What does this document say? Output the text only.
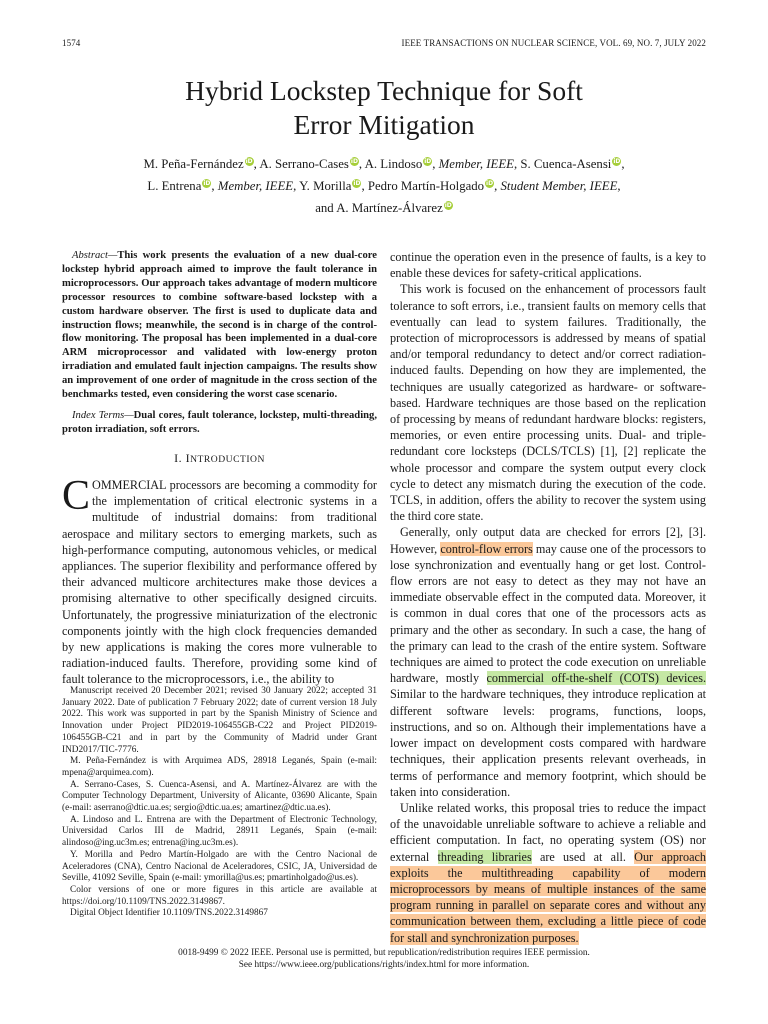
1574	IEEE TRANSACTIONS ON NUCLEAR SCIENCE, VOL. 69, NO. 7, JULY 2022
Hybrid Lockstep Technique for Soft
Error Mitigation
M. Peña-Fernández iD, A. Serrano-Cases iD, A. Lindoso iD, Member, IEEE, S. Cuenca-Asensi iD,
L. Entrena iD, Member, IEEE, Y. Morilla iD, Pedro Martín-Holgado iD, Student Member, IEEE,
and A. Martínez-Álvarez iD

Abstract—This work presents the evaluation of a new dual-core lockstep hybrid approach aimed to improve the fault tolerance in microprocessors. Our approach takes advantage of modern multicore processor resources to combine software-based lockstep with a custom hardware observer. The first is used to duplicate data and instruction flows; meanwhile, the second is in charge of the control-flow monitoring. The proposal has been implemented in a dual-core ARM microprocessor and validated with low-energy proton irradiation and emulated fault injection campaigns. The results show an improvement of one order of magnitude in the cross section of the benchmarks tested, even considering the worst case scenario.

Index Terms—Dual cores, fault tolerance, lockstep, multi-threading, proton irradiation, soft errors.

I. INTRODUCTION

COMMERCIAL processors are becoming a commodity for the implementation of critical electronic systems in a multitude of industrial domains: from traditional aerospace and military sectors to emerging markets, such as high-performance computing, autonomous vehicles, or medical appliances. The superior flexibility and performance offered by their advanced multicore architectures make those devices a promising alternative to other specifically designed circuits. Unfortunately, the progressive miniaturization of the electronic components jointly with the high clock frequencies demanded by new applications is making the cores more vulnerable to radiation-induced faults. Therefore, providing some kind of fault tolerance to the microprocessors, i.e., the ability to

Manuscript received 20 December 2021; revised 30 January 2022; accepted 31 January 2022. Date of publication 7 February 2022; date of current version 18 July 2022. This work was supported in part by the Spanish Ministry of Science and Innovation under Project PID2019-106455GB-C22 and Project PID2019-106455GB-C21 and in part by the Community of Madrid under Grant IND2017/TIC-7776.

M. Peña-Fernández is with Arquimea ADS, 28918 Leganés, Spain (e-mail: mpena@arquimea.com).

A. Serrano-Cases, S. Cuenca-Asensi, and A. Martínez-Álvarez are with the Computer Technology Department, University of Alicante, 03690 Alicante, Spain (e-mail: aserrano@dtic.ua.es; sergio@dtic.ua.es; amartinez@dtic.ua.es).

A. Lindoso and L. Entrena are with the Department of Electronic Technology, Universidad Carlos III de Madrid, 28911 Leganés, Spain (e-mail: alindoso@ing.uc3m.es; entrena@ing.uc3m.es).

Y. Morilla and Pedro Martín-Holgado are with the Centro Nacional de Aceleradores (CNA), Centro Nacional de Aceleradores, CSIC, JA, Universidad de Seville, 41092 Seville, Spain (e-mail: ymorilla@us.es; pmartinholgado@us.es).

Color versions of one or more figures in this article are available at https://doi.org/10.1109/TNS.2022.3149867.

Digital Object Identifier 10.1109/TNS.2022.3149867

continue the operation even in the presence of faults, is a key to enable these devices for safety-critical applications.

This work is focused on the enhancement of processors fault tolerance to soft errors, i.e., transient faults on memory cells that eventually can lead to system failures. Traditionally, the protection of microprocessors is addressed by means of spatial and/or temporal redundancy to detect and/or correct radiation-induced faults. Depending on how they are implemented, the techniques are usually categorized as hardware- or software-based. Hardware techniques are those based on the replication of processing by means of redundant hardware blocks: registers, memories, or even entire processing units. Dual- and triple-redundant core locksteps (DCLS/TCLS) [1], [2] replicate the whole processor and compare the system output every clock cycle to detect any mismatch during the execution of the code. TCLS, in addition, offers the ability to recover the system using the third core state.

Generally, only output data are checked for errors [2], [3]. However, control-flow errors may cause one of the processors to lose synchronization and eventually hang or get lost. Control-flow errors are not easy to detect as they may not have an immediate observable effect in the computed data. Moreover, it is common in dual cores that one of the processors acts as primary and the other as secondary. In such a case, the hang of the primary can lead to the crash of the entire system. Software techniques are aimed to protect the code execution on unreliable hardware, mostly commercial off-the-shelf (COTS) devices. Similar to the hardware techniques, they introduce replication at different software levels: programs, functions, loops, instructions, and so on. Although their implementations have a lower impact on development costs compared with hardware techniques, their application presents relevant overheads, in terms of performance and memory footprint, which should be taken into consideration.

Unlike related works, this proposal tries to reduce the impact of the unavoidable unreliable software to achieve a reliable and efficient computation. In fact, no operating system (OS) nor external threading libraries are used at all. Our approach exploits the multithreading capability of modern microprocessors by means of multiple instances of the same program running in parallel on separate cores and without any communication between them, excluding a little piece of code for stall and synchronization purposes.

0018-9499 © 2022 IEEE. Personal use is permitted, but republication/redistribution requires IEEE permission.
See https://www.ieee.org/publications/rights/index.html for more information.
